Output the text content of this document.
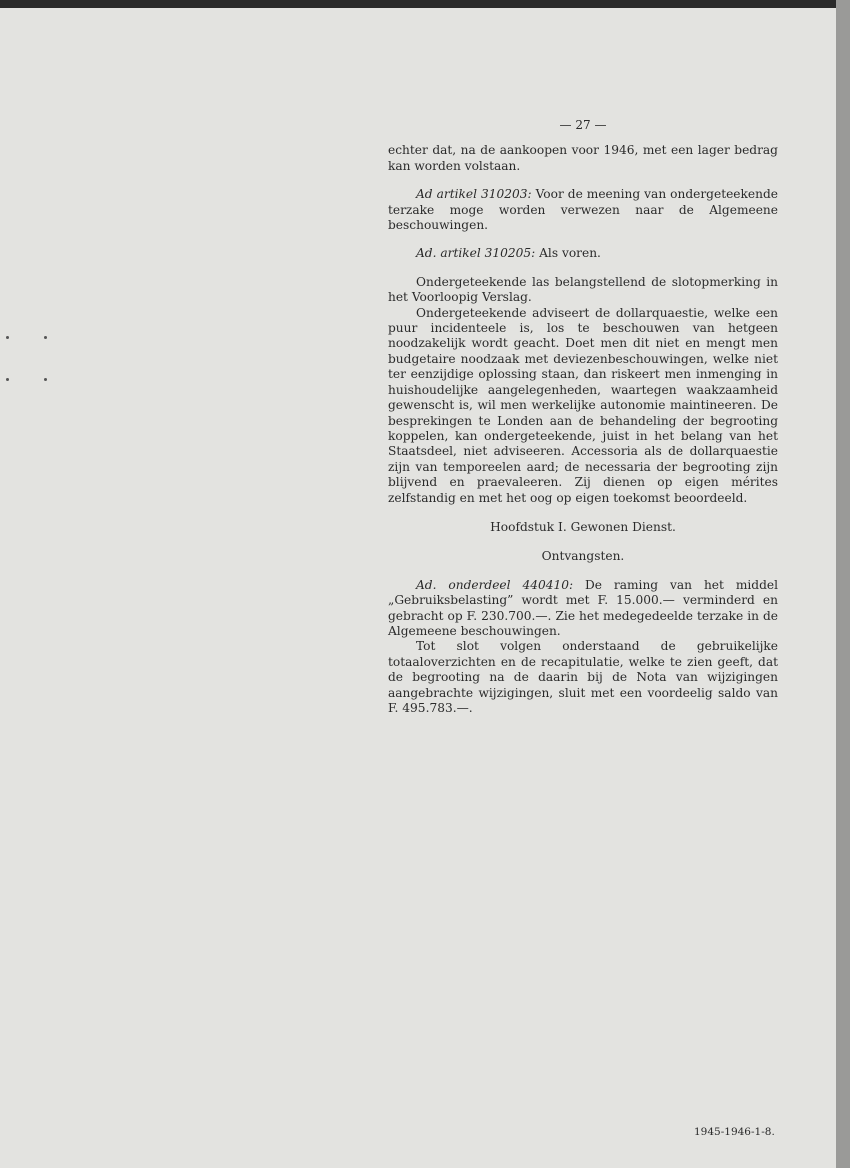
— 27 —

echter dat, na de aankoopen voor 1946, met een lager bedrag kan worden volstaan.

Ad artikel 310203: Voor de meening van ondergeteekende terzake moge worden verwezen naar de Algemeene beschouwingen.

Ad. artikel 310205: Als voren.

Ondergeteekende las belangstellend de slotopmerking in het Voorloopig Verslag.

Ondergeteekende adviseert de dollarquaestie, welke een puur incidenteele is, los te beschouwen van hetgeen noodzakelijk wordt geacht. Doet men dit niet en mengt men budgetaire noodzaak met deviezenbeschouwingen, welke niet ter eenzijdige oplossing staan, dan riskeert men inmenging in huishoudelijke aangelegenheden, waartegen waakzaamheid gewenscht is, wil men werkelijke autonomie maintineeren. De besprekingen te Londen aan de behandeling der begrooting koppelen, kan ondergeteekende, juist in het belang van het Staatsdeel, niet adviseeren. Accessoria als de dollarquaestie zijn van temporeelen aard; de necessaria der begrooting zijn blijvend en praevaleeren. Zij dienen op eigen mérites zelfstandig en met het oog op eigen toekomst beoordeeld.

Hoofdstuk I. Gewonen Dienst.

Ontvangsten.

Ad. onderdeel 440410: De raming van het middel „Gebruiksbelasting” wordt met F. 15.000.— verminderd en gebracht op F. 230.700.—. Zie het medegedeelde terzake in de Algemeene beschouwingen.

Tot slot volgen onderstaand de gebruikelijke totaaloverzichten en de recapitulatie, welke te zien geeft, dat de begrooting na de daarin bij de Nota van wijzigingen aangebrachte wijzigingen, sluit met een voordeelig saldo van F. 495.783.—.

1945-1946-1-8.
